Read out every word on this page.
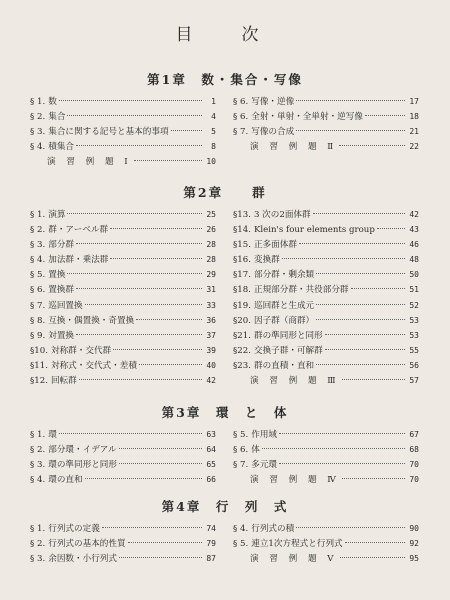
目　次
第1章　数・集合・写像
§ 1. 数	1
§ 2. 集合	4
§ 3. 集合に関する記号と基本的事項	5
§ 4. 積集合	8
演 習 例 題 Ⅰ	10
§ 6. 写像・逆像	17
§ 6. 全射・単射・全単射・逆写像	18
§ 7. 写像の合成	21
演 習 例 題 Ⅱ	22
第2章　　群
§ 1. 演算	25
§ 2. 群・アーベル群	26
§ 3. 部分群	28
§ 4. 加法群・乗法群	28
§ 5. 置換	29
§ 6. 置換群	31
§ 7. 巡回置換	33
§ 8. 互換・偶置換・奇置換	36
§ 9. 対置換	37
§10. 対称群・交代群	39
§11. 対称式・交代式・差積	40
§12. 回転群	42
§13. 3 次の2面体群	42
§14. Klein's four elements group	43
§15. 正多面体群	46
§16. 変換群	48
§17. 部分群・剰余類	50
§18. 正規部分群・共役部分群	51
§19. 巡回群と生成元	52
§20. 因子群（商群）	53
§21. 群の準同形と同形	53
§22. 交換子群・可解群	55
§23. 群の直積・直和	56
演 習 例 題 Ⅲ	57
第3章　環　と　体
§ 1. 環	63
§ 2. 部分環・イデアル	64
§ 3. 環の準同形と同形	65
§ 4. 環の直和	66
§ 5. 作用域	67
§ 6. 体	68
§ 7. 多元環	70
演 習 例 題 Ⅳ	70
第4章　行　列　式
§ 1. 行列式の定義	74
§ 2. 行列式の基本的性質	79
§ 3. 余因数・小行列式	87
§ 4. 行列式の積	90
§ 5. 連立1次方程式と行列式	92
演 習 例 題 Ⅴ	95
